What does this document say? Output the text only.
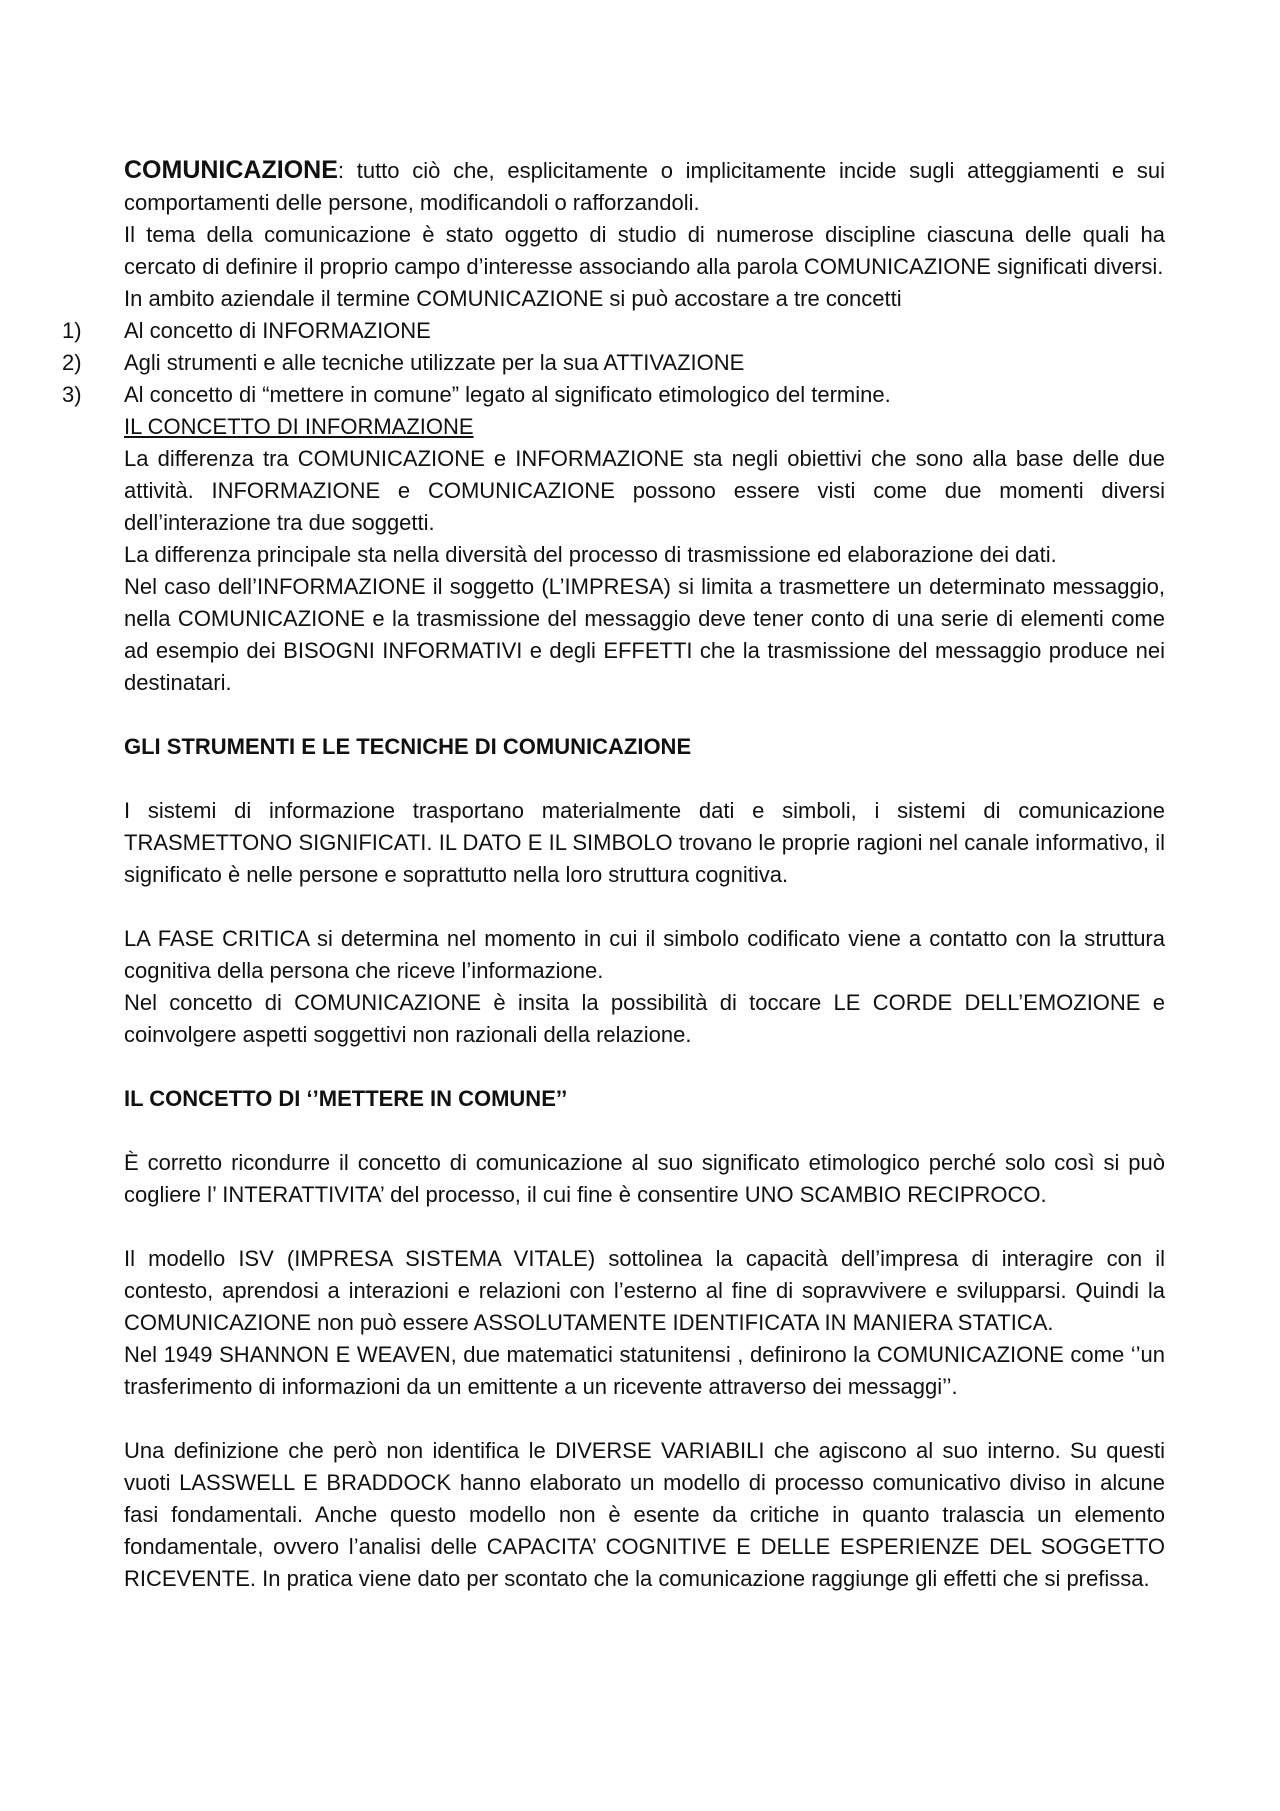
COMUNICAZIONE: tutto ciò che, esplicitamente o implicitamente incide sugli atteggiamenti e sui comportamenti delle persone, modificandoli o rafforzandoli.

Il tema della comunicazione è stato oggetto di studio di numerose discipline ciascuna delle quali ha cercato di definire il proprio campo d’interesse associando alla parola COMUNICAZIONE significati diversi.

In ambito aziendale il termine COMUNICAZIONE si può accostare a tre concetti

1)	Al concetto di INFORMAZIONE
2)	Agli strumenti e alle tecniche utilizzate per la sua ATTIVAZIONE
3)	Al concetto di “mettere in comune” legato al significato etimologico del termine.

IL CONCETTO DI INFORMAZIONE

La differenza tra COMUNICAZIONE e INFORMAZIONE sta negli obiettivi che sono alla base delle due attività. INFORMAZIONE e COMUNICAZIONE possono essere visti come due momenti diversi dell’interazione tra due soggetti.

La differenza principale sta nella diversità del processo di trasmissione ed elaborazione dei dati.

Nel caso dell’INFORMAZIONE il soggetto (L’IMPRESA) si limita a trasmettere un determinato messaggio, nella COMUNICAZIONE e la trasmissione del messaggio deve tener conto di una serie di elementi come ad esempio dei BISOGNI INFORMATIVI e degli EFFETTI che la trasmissione del messaggio produce nei destinatari.

GLI STRUMENTI E LE TECNICHE DI COMUNICAZIONE

I sistemi di informazione trasportano materialmente dati e simboli, i sistemi di comunicazione TRASMETTONO SIGNIFICATI. IL DATO E IL SIMBOLO trovano le proprie ragioni nel canale informativo, il significato è nelle persone e soprattutto nella loro struttura cognitiva.

LA FASE CRITICA si determina nel momento in cui il simbolo codificato viene a contatto con la struttura cognitiva della persona che riceve l’informazione.

Nel concetto di COMUNICAZIONE è insita la possibilità di toccare LE CORDE DELL’EMOZIONE e coinvolgere aspetti soggettivi non razionali della relazione.

IL CONCETTO DI ‘’METTERE IN COMUNE’’

È corretto ricondurre il concetto di comunicazione al suo significato etimologico perché solo così si può cogliere l’ INTERATTIVITA’ del processo, il cui fine è consentire UNO SCAMBIO RECIPROCO.

Il modello ISV (IMPRESA SISTEMA VITALE) sottolinea la capacità dell’impresa di interagire con il contesto, aprendosi a interazioni e relazioni con l’esterno al fine di sopravvivere e svilupparsi. Quindi la COMUNICAZIONE non può essere ASSOLUTAMENTE IDENTIFICATA IN MANIERA STATICA.

Nel 1949 SHANNON E WEAVEN, due matematici statunitensi , definirono la COMUNICAZIONE come ‘’un trasferimento di informazioni da un emittente a un ricevente attraverso dei messaggi’’.

Una definizione che però non identifica le DIVERSE VARIABILI che agiscono al suo interno. Su questi vuoti LASSWELL E BRADDOCK hanno elaborato un modello di processo comunicativo diviso in alcune fasi fondamentali. Anche questo modello non è esente da critiche in quanto tralascia un elemento fondamentale, ovvero l’analisi delle CAPACITA’ COGNITIVE E DELLE ESPERIENZE DEL SOGGETTO RICEVENTE. In pratica viene dato per scontato che la comunicazione raggiunge gli effetti che si prefissa.
